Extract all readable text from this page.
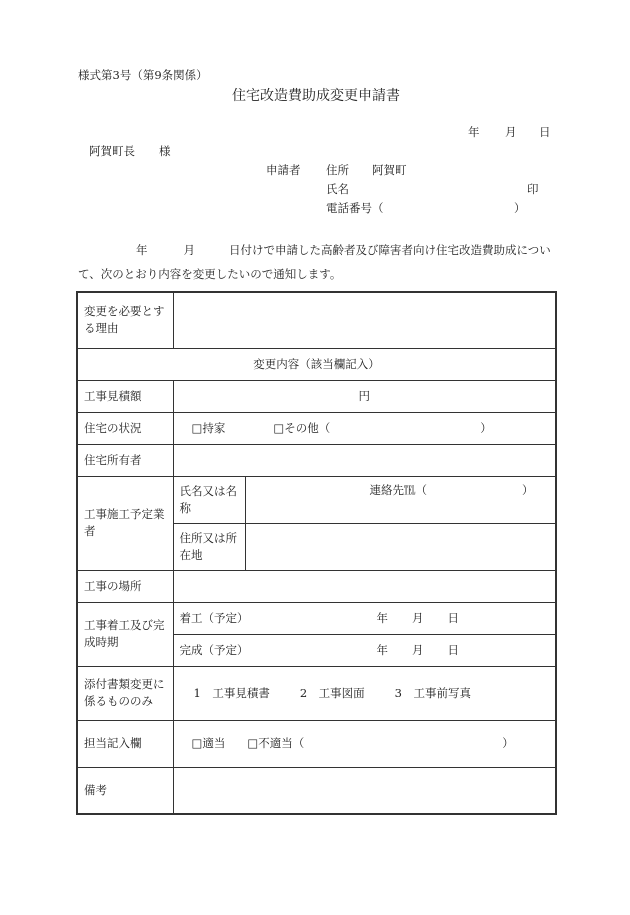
様式第3号（第9条関係）
住宅改造費助成変更申請書
年 月 日
阿賀町長 様
申請者 住所 阿賀町
氏名	印
電話番号（	）
年	月	日付けで申請した高齢者及び障害者向け住宅改造費助成について、次のとおり内容を変更したいので通知します。
変更を必要とする理由		
変更内容（該当欄記入）		
工事見積額	円	
住宅の状況	□持家 □その他（ ）	
住宅所有者		
工事施工予定業者	氏名又は名称	連絡先℡（ ）
	住所又は所在地	
工事の場所		
工事着工及び完成時期	着工（予定） 年 月 日	
	完成（予定） 年 月 日	
添付書類変更に係るもののみ	1　工事見積書 2　工事図面 3　工事前写真	
担当記入欄	□適当 □不適当（ ）	
備考		
